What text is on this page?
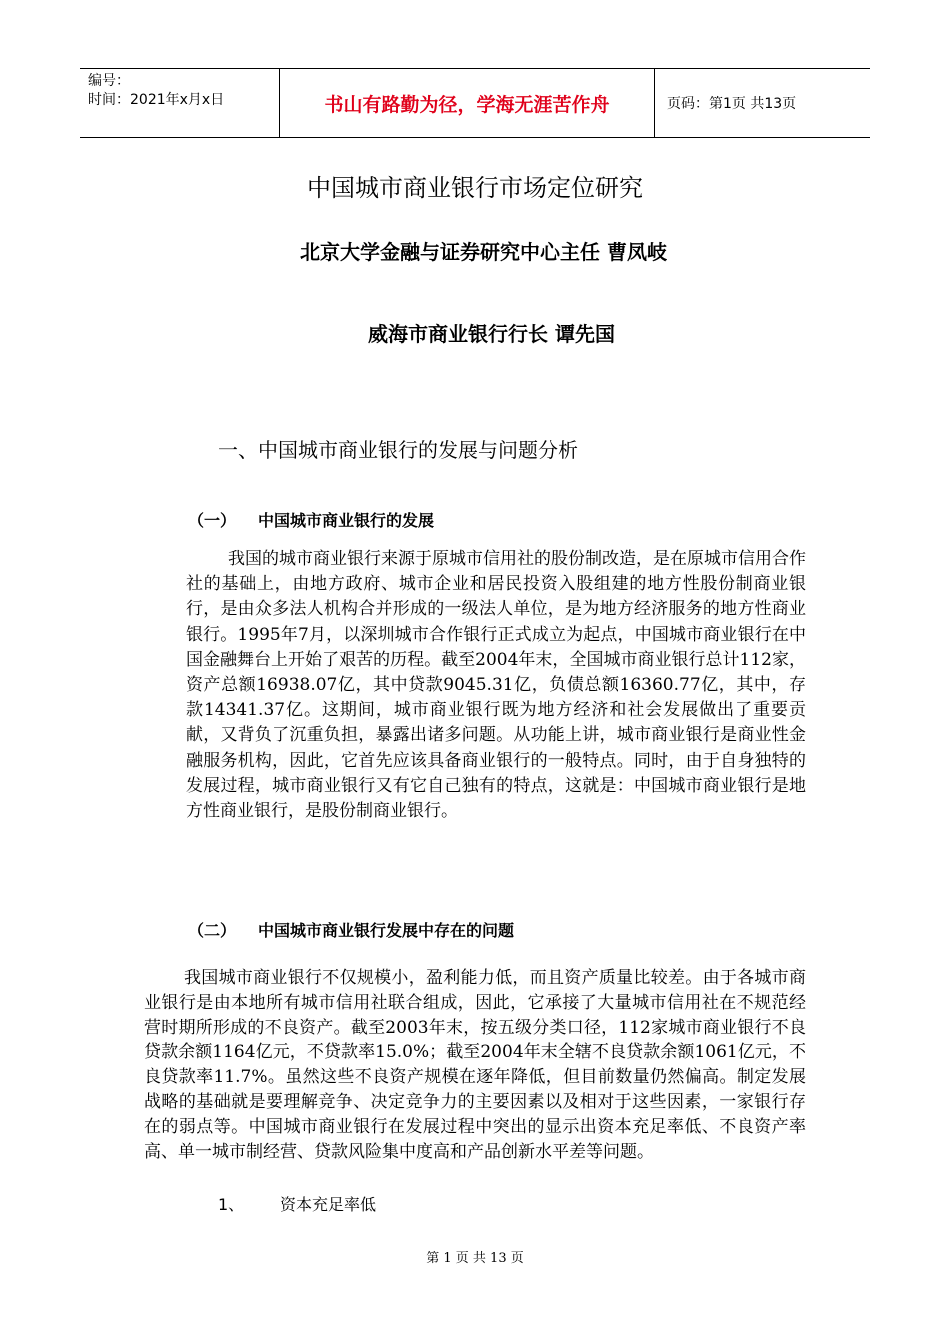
编号：
时间：2021年x月x日	书山有路勤为径，学海无涯苦作舟	页码：第1页 共13页
中国城市商业银行市场定位研究
北京大学金融与证券研究中心主任 曹凤岐
威海市商业银行行长 谭先国
一、中国城市商业银行的发展与问题分析
（一） 中国城市商业银行的发展
我国的城市商业银行来源于原城市信用社的股份制改造，是在原城市信用合作社的基础上，由地方政府、城市企业和居民投资入股组建的地方性股份制商业银行，是由众多法人机构合并形成的一级法人单位，是为地方经济服务的地方性商业银行。1995年7月，以深圳城市合作银行正式成立为起点，中国城市商业银行在中国金融舞台上开始了艰苦的历程。截至2004年末，全国城市商业银行总计112家，资产总额16938.07亿，其中贷款9045.31亿，负债总额16360.77亿，其中，存款14341.37亿。这期间，城市商业银行既为地方经济和社会发展做出了重要贡献，又背负了沉重负担，暴露出诸多问题。从功能上讲，城市商业银行是商业性金融服务机构，因此，它首先应该具备商业银行的一般特点。同时，由于自身独特的发展过程，城市商业银行又有它自己独有的特点，这就是：中国城市商业银行是地方性商业银行，是股份制商业银行。
（二） 中国城市商业银行发展中存在的问题
我国城市商业银行不仅规模小，盈利能力低，而且资产质量比较差。由于各城市商业银行是由本地所有城市信用社联合组成，因此，它承接了大量城市信用社在不规范经营时期所形成的不良资产。截至2003年末，按五级分类口径，112家城市商业银行不良贷款余额1164亿元，不贷款率15.0%；截至2004年末全辖不良贷款余额1061亿元，不良贷款率11.7%。虽然这些不良资产规模在逐年降低，但目前数量仍然偏高。制定发展战略的基础就是要理解竞争、决定竞争力的主要因素以及相对于这些因素，一家银行存在的弱点等。中国城市商业银行在发展过程中突出的显示出资本充足率低、不良资产率高、单一城市制经营、贷款风险集中度高和产品创新水平差等问题。
1、 资本充足率低
第 1 页 共 13 页
